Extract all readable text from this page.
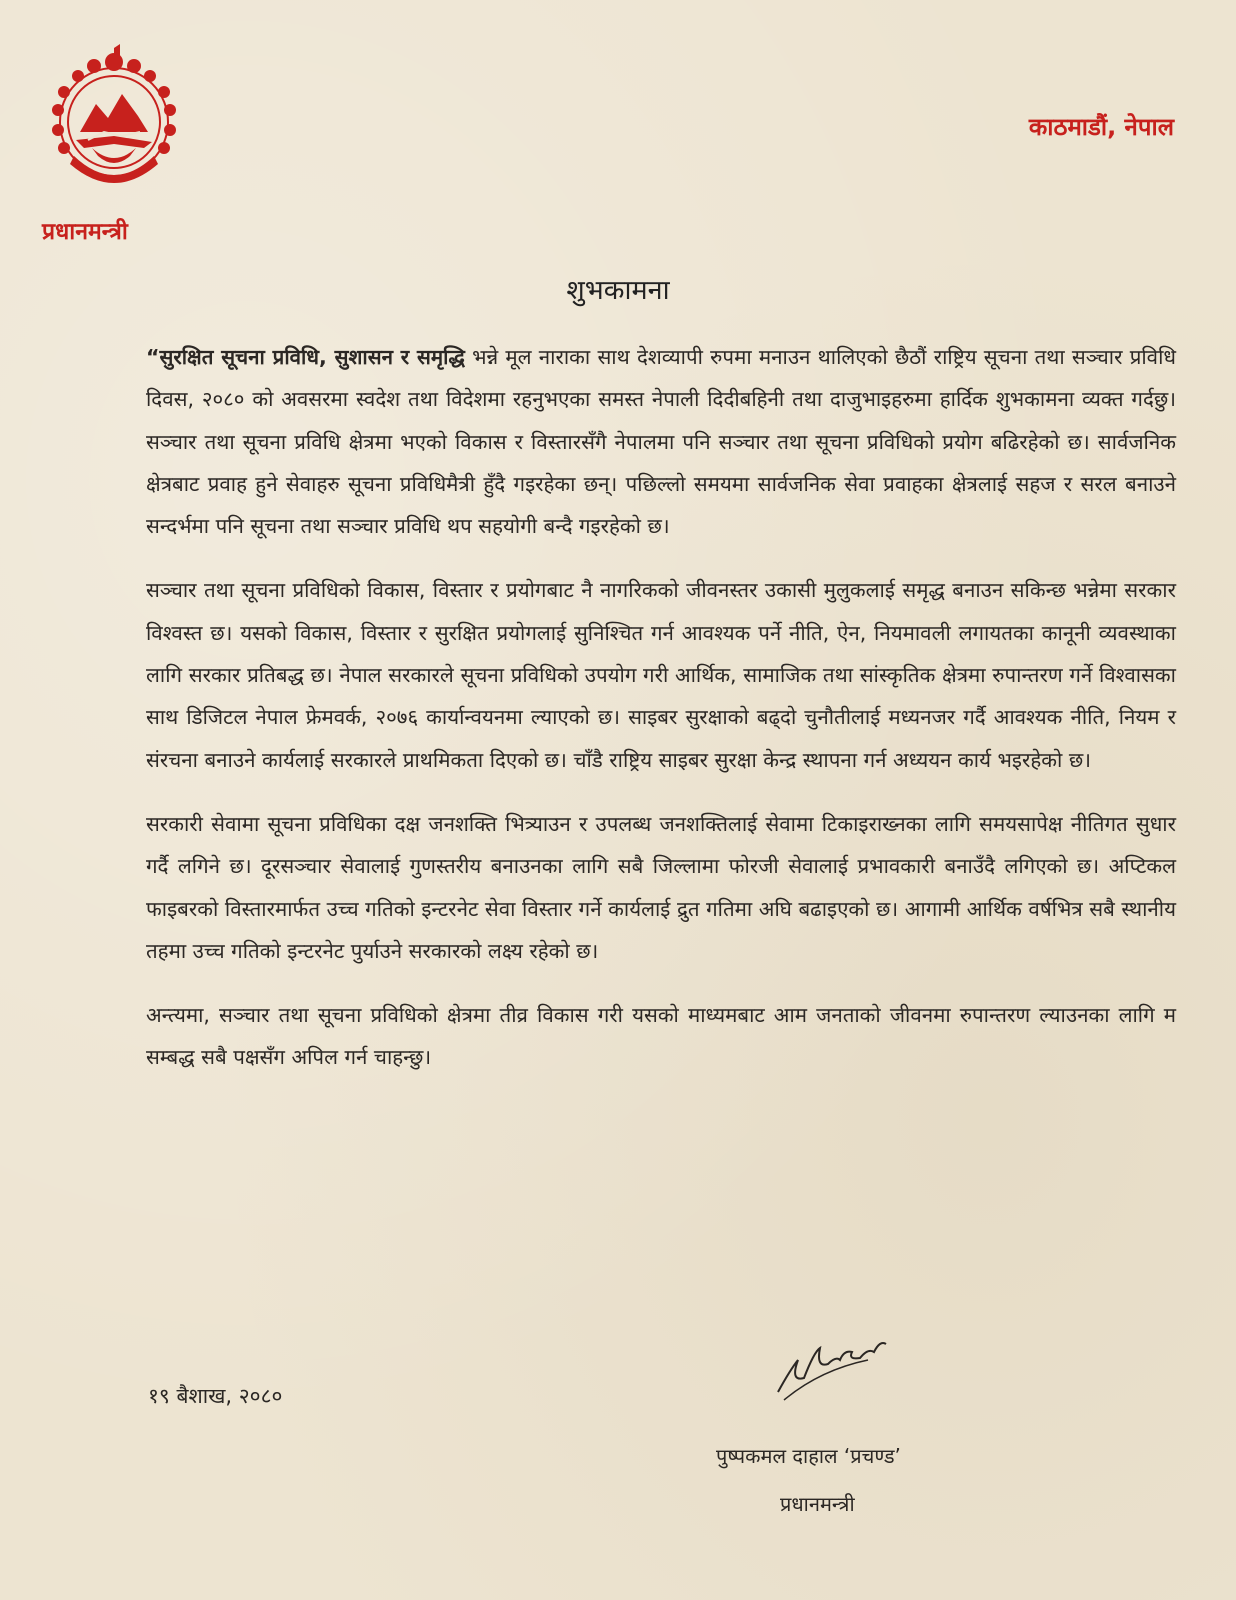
प्रधानमन्त्री
काठमाडौं, नेपाल
शुभकामना

“सुरक्षित सूचना प्रविधि, सुशासन र समृद्धि भन्ने मूल नाराका साथ देशव्यापी रुपमा मनाउन थालिएको छैठौं राष्ट्रिय सूचना तथा सञ्चार प्रविधि दिवस, २०८० को अवसरमा स्वदेश तथा विदेशमा रहनुभएका समस्त नेपाली दिदीबहिनी तथा दाजुभाइहरुमा हार्दिक शुभकामना व्यक्त गर्दछु। सञ्चार तथा सूचना प्रविधि क्षेत्रमा भएको विकास र विस्तारसँगै नेपालमा पनि सञ्चार तथा सूचना प्रविधिको प्रयोग बढिरहेको छ। सार्वजनिक क्षेत्रबाट प्रवाह हुने सेवाहरु सूचना प्रविधिमैत्री हुँदै गइरहेका छन्। पछिल्लो समयमा सार्वजनिक सेवा प्रवाहका क्षेत्रलाई सहज र सरल बनाउने सन्दर्भमा पनि सूचना तथा सञ्चार प्रविधि थप सहयोगी बन्दै गइरहेको छ।

सञ्चार तथा सूचना प्रविधिको विकास, विस्तार र प्रयोगबाट नै नागरिकको जीवनस्तर उकासी मुलुकलाई समृद्ध बनाउन सकिन्छ भन्नेमा सरकार विश्वस्त छ। यसको विकास, विस्तार र सुरक्षित प्रयोगलाई सुनिश्चित गर्न आवश्यक पर्ने नीति, ऐन, नियमावली लगायतका कानूनी व्यवस्थाका लागि सरकार प्रतिबद्ध छ। नेपाल सरकारले सूचना प्रविधिको उपयोग गरी आर्थिक, सामाजिक तथा सांस्कृतिक क्षेत्रमा रुपान्तरण गर्ने विश्वासका साथ डिजिटल नेपाल फ्रेमवर्क, २०७६ कार्यान्वयनमा ल्याएको छ। साइबर सुरक्षाको बढ्दो चुनौतीलाई मध्यनजर गर्दै आवश्यक नीति, नियम र संरचना बनाउने कार्यलाई सरकारले प्राथमिकता दिएको छ। चाँडै राष्ट्रिय साइबर सुरक्षा केन्द्र स्थापना गर्न अध्ययन कार्य भइरहेको छ।

सरकारी सेवामा सूचना प्रविधिका दक्ष जनशक्ति भित्र्याउन र उपलब्ध जनशक्तिलाई सेवामा टिकाइराख्नका लागि समयसापेक्ष नीतिगत सुधार गर्दै लगिने छ। दूरसञ्चार सेवालाई गुणस्तरीय बनाउनका लागि सबै जिल्लामा फोरजी सेवालाई प्रभावकारी बनाउँदै लगिएको छ। अप्टिकल फाइबरको विस्तारमार्फत उच्च गतिको इन्टरनेट सेवा विस्तार गर्ने कार्यलाई द्रुत गतिमा अघि बढाइएको छ। आगामी आर्थिक वर्षभित्र सबै स्थानीय तहमा उच्च गतिको इन्टरनेट पुर्याउने सरकारको लक्ष्य रहेको छ।

अन्त्यमा, सञ्चार तथा सूचना प्रविधिको क्षेत्रमा तीव्र विकास गरी यसको माध्यमबाट आम जनताको जीवनमा रुपान्तरण ल्याउनका लागि म सम्बद्ध सबै पक्षसँग अपिल गर्न चाहन्छु।

१९ बैशाख, २०८०
पुष्पकमल दाहाल ‘प्रचण्ड’
प्रधानमन्त्री
